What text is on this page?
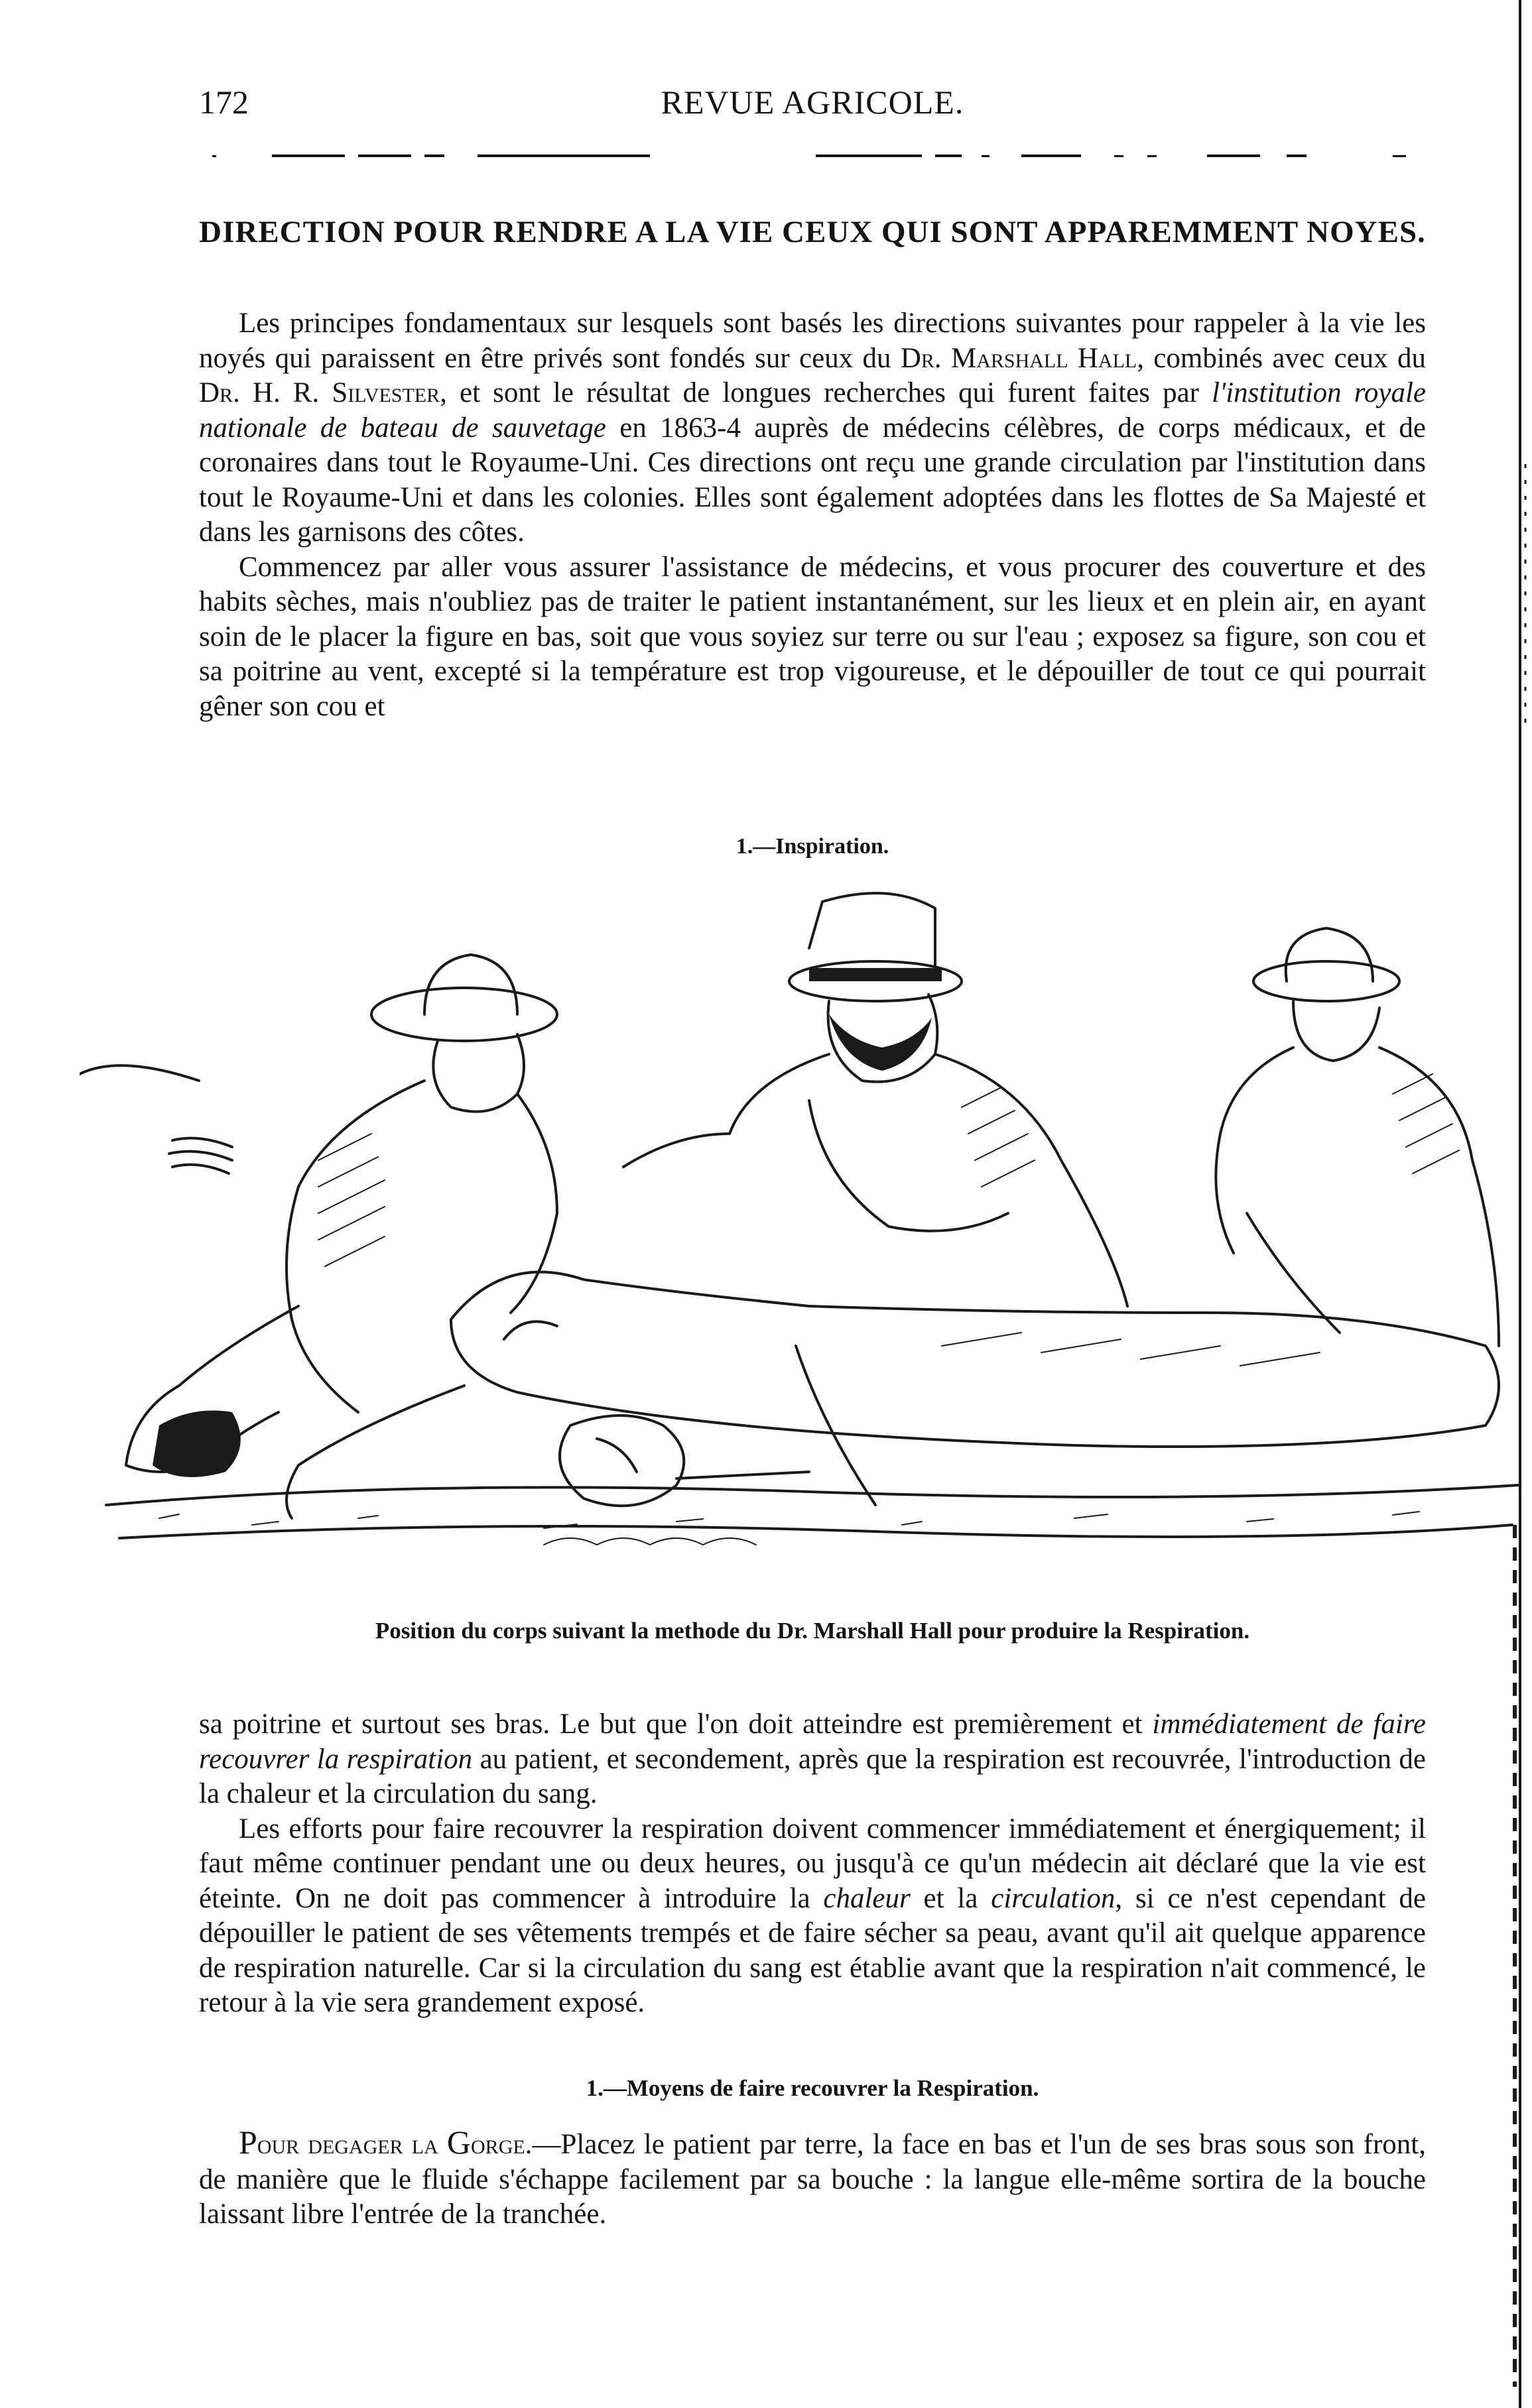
172	REVUE AGRICOLE.
DIRECTION POUR RENDRE A LA VIE CEUX QUI SONT APPAREMMENT NOYES.

Les principes fondamentaux sur lesquels sont basés les directions suivantes pour rappeler à la vie les noyés qui paraissent en être privés sont fondés sur ceux du Dr. Marshall Hall, combinés avec ceux du Dr. H. R. Silvester, et sont le résultat de longues recherches qui furent faites par l'institution royale nationale de bateau de sauvetage en 1863-4 auprès de médecins célèbres, de corps médicaux, et de coronaires dans tout le Royaume-Uni. Ces directions ont reçu une grande circulation par l'institution dans tout le Royaume-Uni et dans les colonies. Elles sont également adoptées dans les flottes de Sa Majesté et dans les garnisons des côtes.

Commencez par aller vous assurer l'assistance de médecins, et vous procurer des couverture et des habits sèches, mais n'oubliez pas de traiter le patient instantanément, sur les lieux et en plein air, en ayant soin de le placer la figure en bas, soit que vous soyiez sur terre ou sur l'eau ; exposez sa figure, son cou et sa poitrine au vent, excepté si la température est trop vigoureuse, et le dépouiller de tout ce qui pourrait gêner son cou et

1.—Inspiration.
Position du corps suivant la methode du Dr. Marshall Hall pour produire la Respiration.

sa poitrine et surtout ses bras. Le but que l'on doit atteindre est premièrement et immédiatement de faire recouvrer la respiration au patient, et secondement, après que la respiration est recouvrée, l'introduction de la chaleur et la circulation du sang.

Les efforts pour faire recouvrer la respiration doivent commencer immédiatement et énergiquement; il faut même continuer pendant une ou deux heures, ou jusqu'à ce qu'un médecin ait déclaré que la vie est éteinte. On ne doit pas commencer à introduire la chaleur et la circulation, si ce n'est cependant de dépouiller le patient de ses vêtements trempés et de faire sécher sa peau, avant qu'il ait quelque apparence de respiration naturelle. Car si la circulation du sang est établie avant que la respiration n'ait commencé, le retour à la vie sera grandement exposé.

1.—Moyens de faire recouvrer la Respiration.

Pour degager la Gorge.—Placez le patient par terre, la face en bas et l'un de ses bras sous son front, de manière que le fluide s'échappe facilement par sa bouche : la langue elle-même sortira de la bouche laissant libre l'entrée de la tranchée.
